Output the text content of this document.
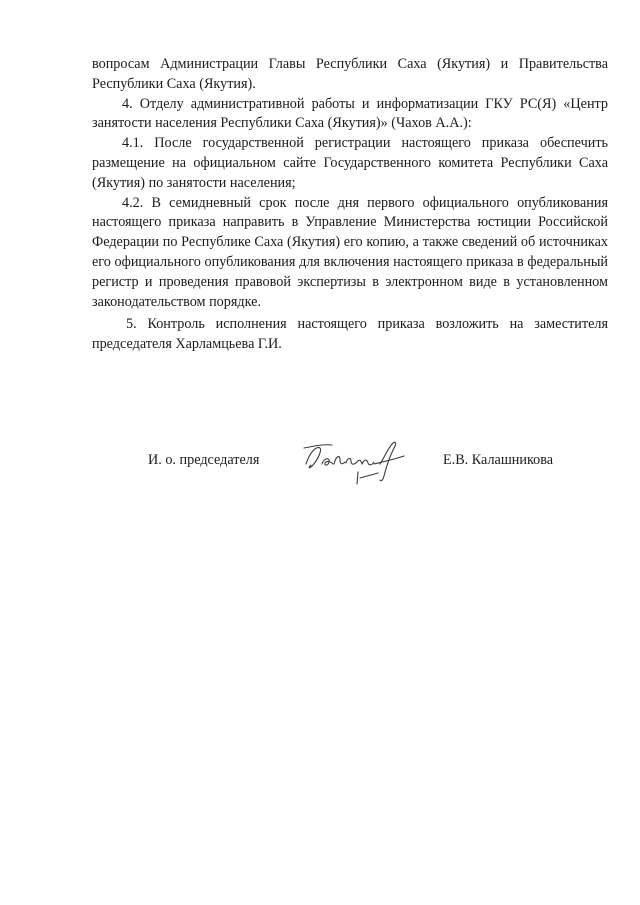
вопросам Администрации Главы Республики Саха (Якутия) и Правительства Республики Саха (Якутия).

4. Отделу административной работы и информатизации ГКУ РС(Я) «Центр занятости населения Республики Саха (Якутия)» (Чахов А.А.):

4.1. После государственной регистрации настоящего приказа обеспечить размещение на официальном сайте Государственного комитета Республики Саха (Якутия) по занятости населения;

4.2. В семидневный срок после дня первого официального опубликования настоящего приказа направить в Управление Министерства юстиции Российской Федерации по Республике Саха (Якутия) его копию, а также сведений об источниках его официального опубликования для включения настоящего приказа в федеральный регистр и проведения правовой экспертизы в электронном виде в установленном законодательством порядке.

5. Контроль исполнения настоящего приказа возложить на заместителя председателя Харламцьева Г.И.

И. о. председателя	Е.В. Калашникова
